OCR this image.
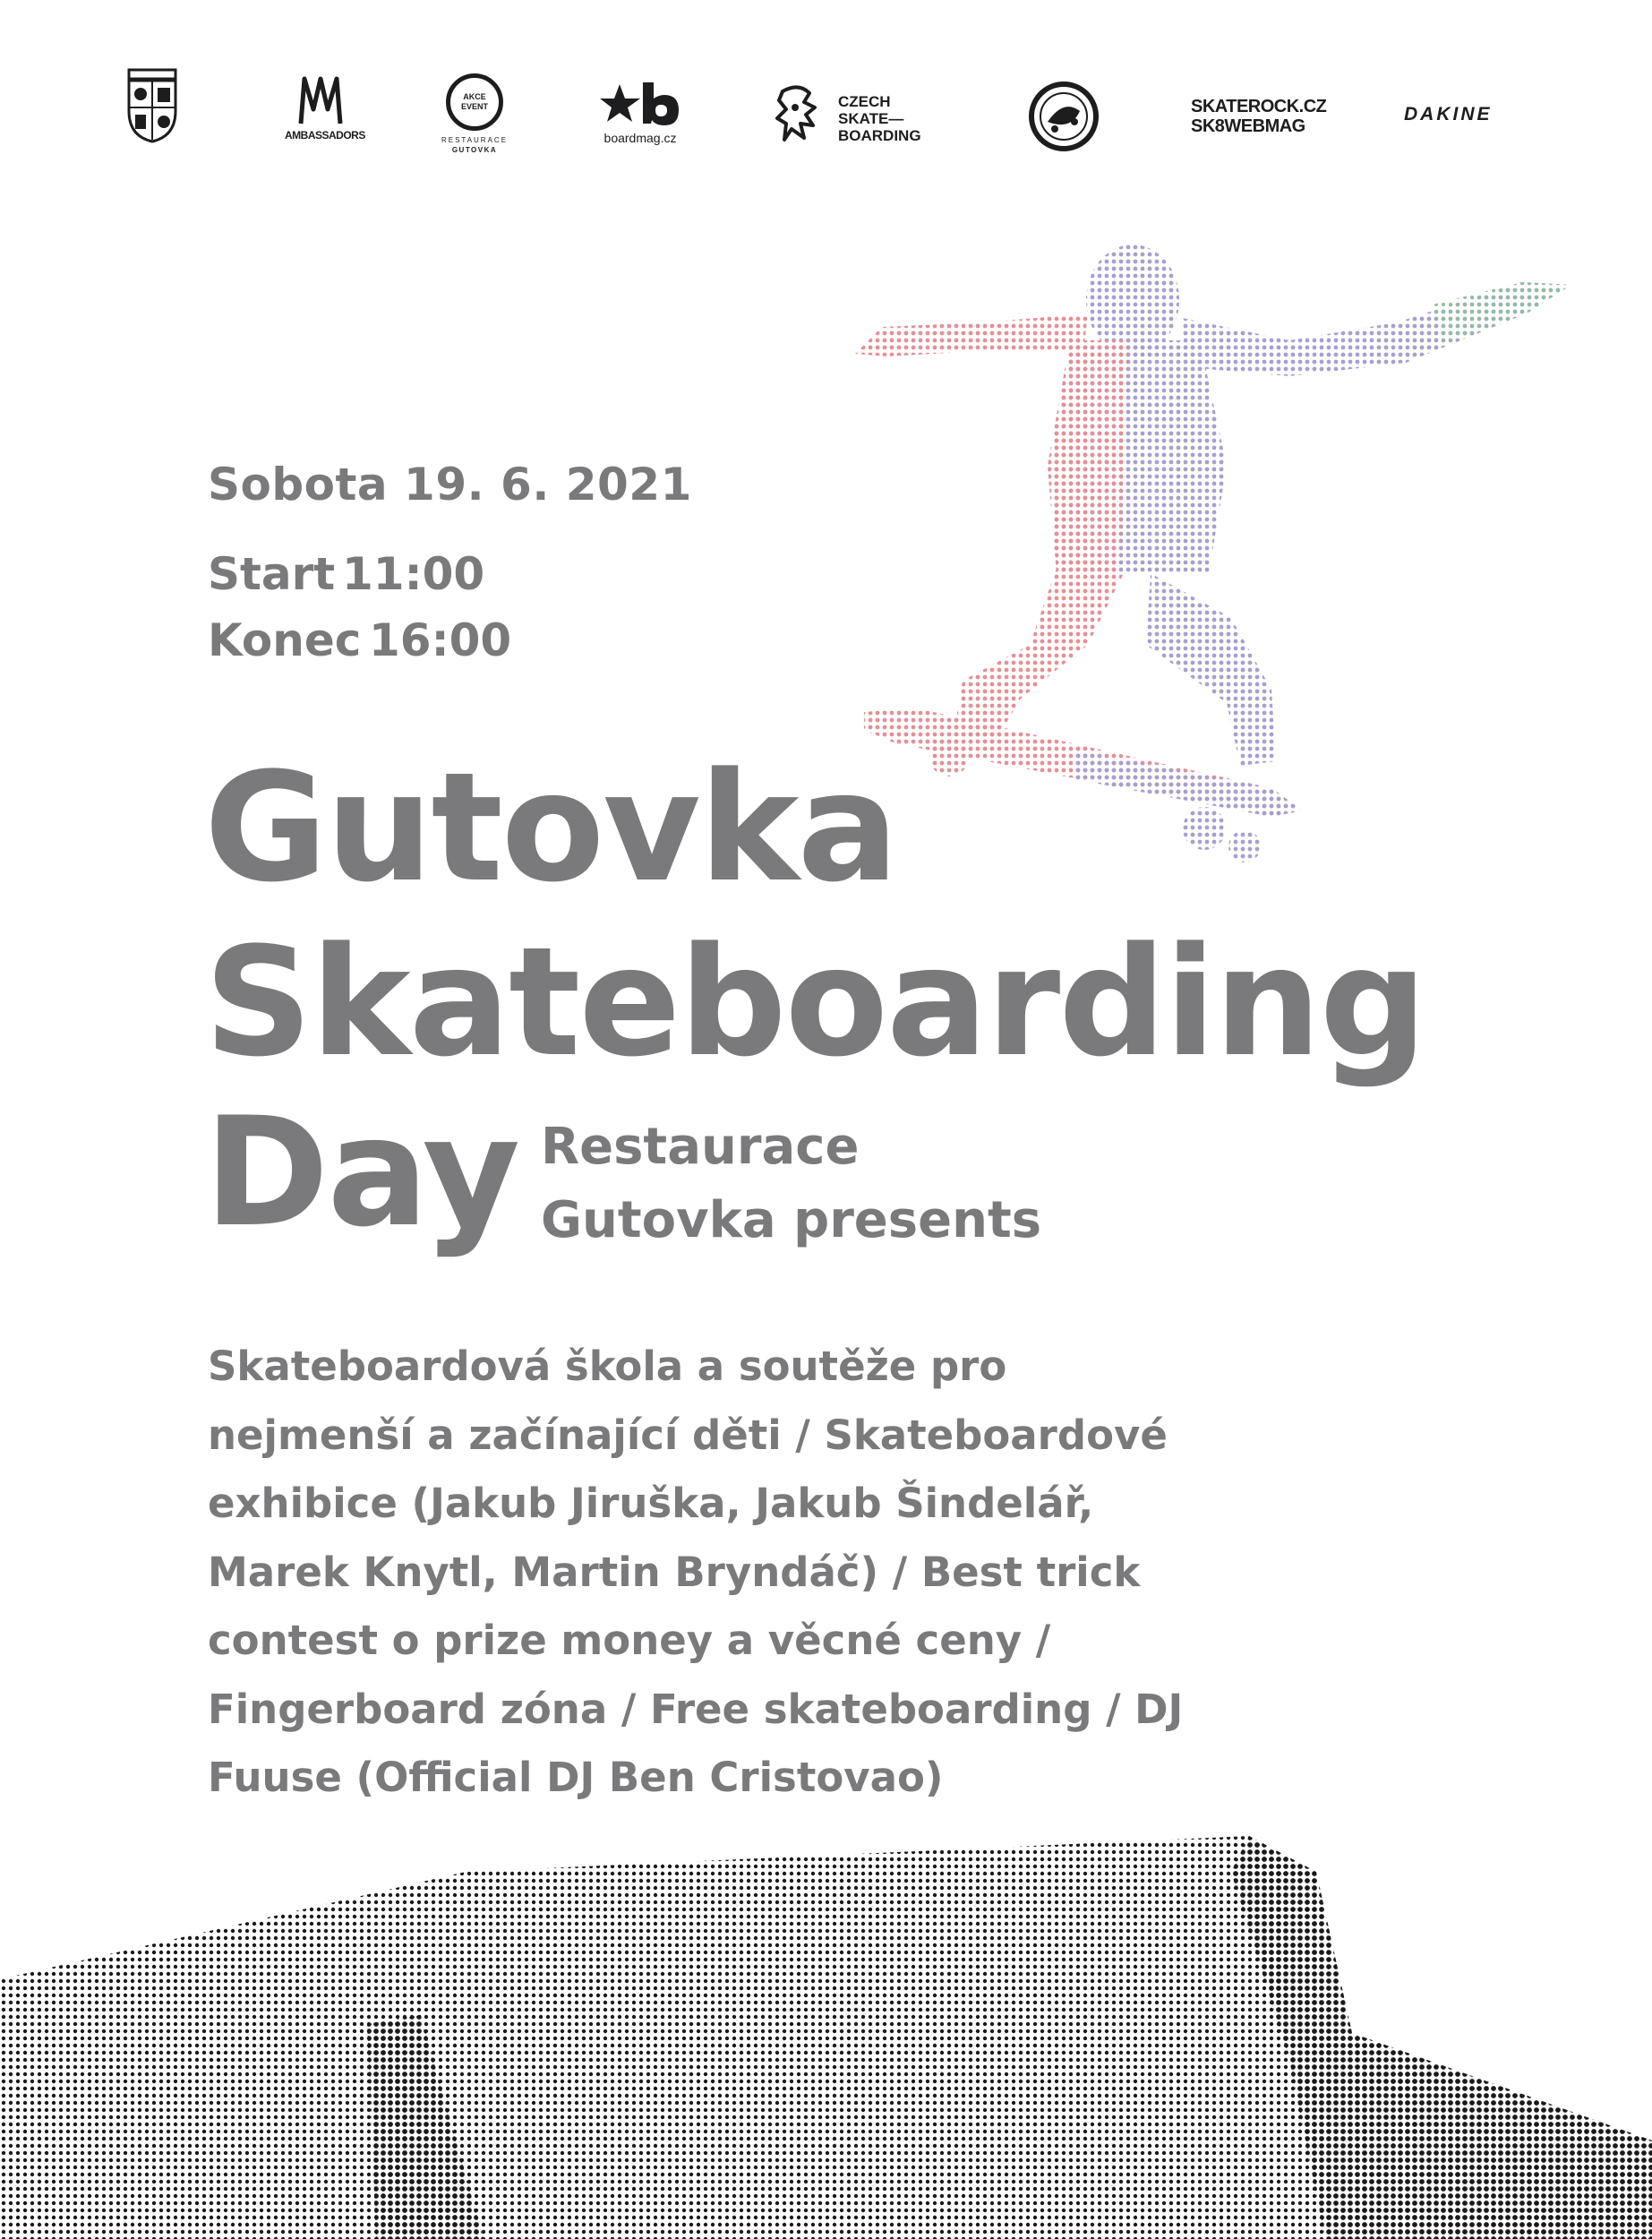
AMBASSADORS
AKCE EVENT
RESTAURACE
GUTOVKA
boardmag.cz
CZECH
SKATE—
BOARDING
SKATEROCK.CZ
SK8WEBMAG
DAKINE

Sobota 19. 6. 2021

Start 11:00

Konec 16:00

Gutovka
Skateboarding
Day Restaurace

Gutovka presents

Skateboardová škola a soutěže pro nejmenší a začínající děti / Skateboardové exhibice (Jakub Jiruška, Jakub Šindelář, Marek Knytl, Martin Bryndáč) / Best trick contest o prize money a věcné ceny / Fingerboard zóna / Free skateboarding / DJ Fuuse (Official DJ Ben Cristovao)
